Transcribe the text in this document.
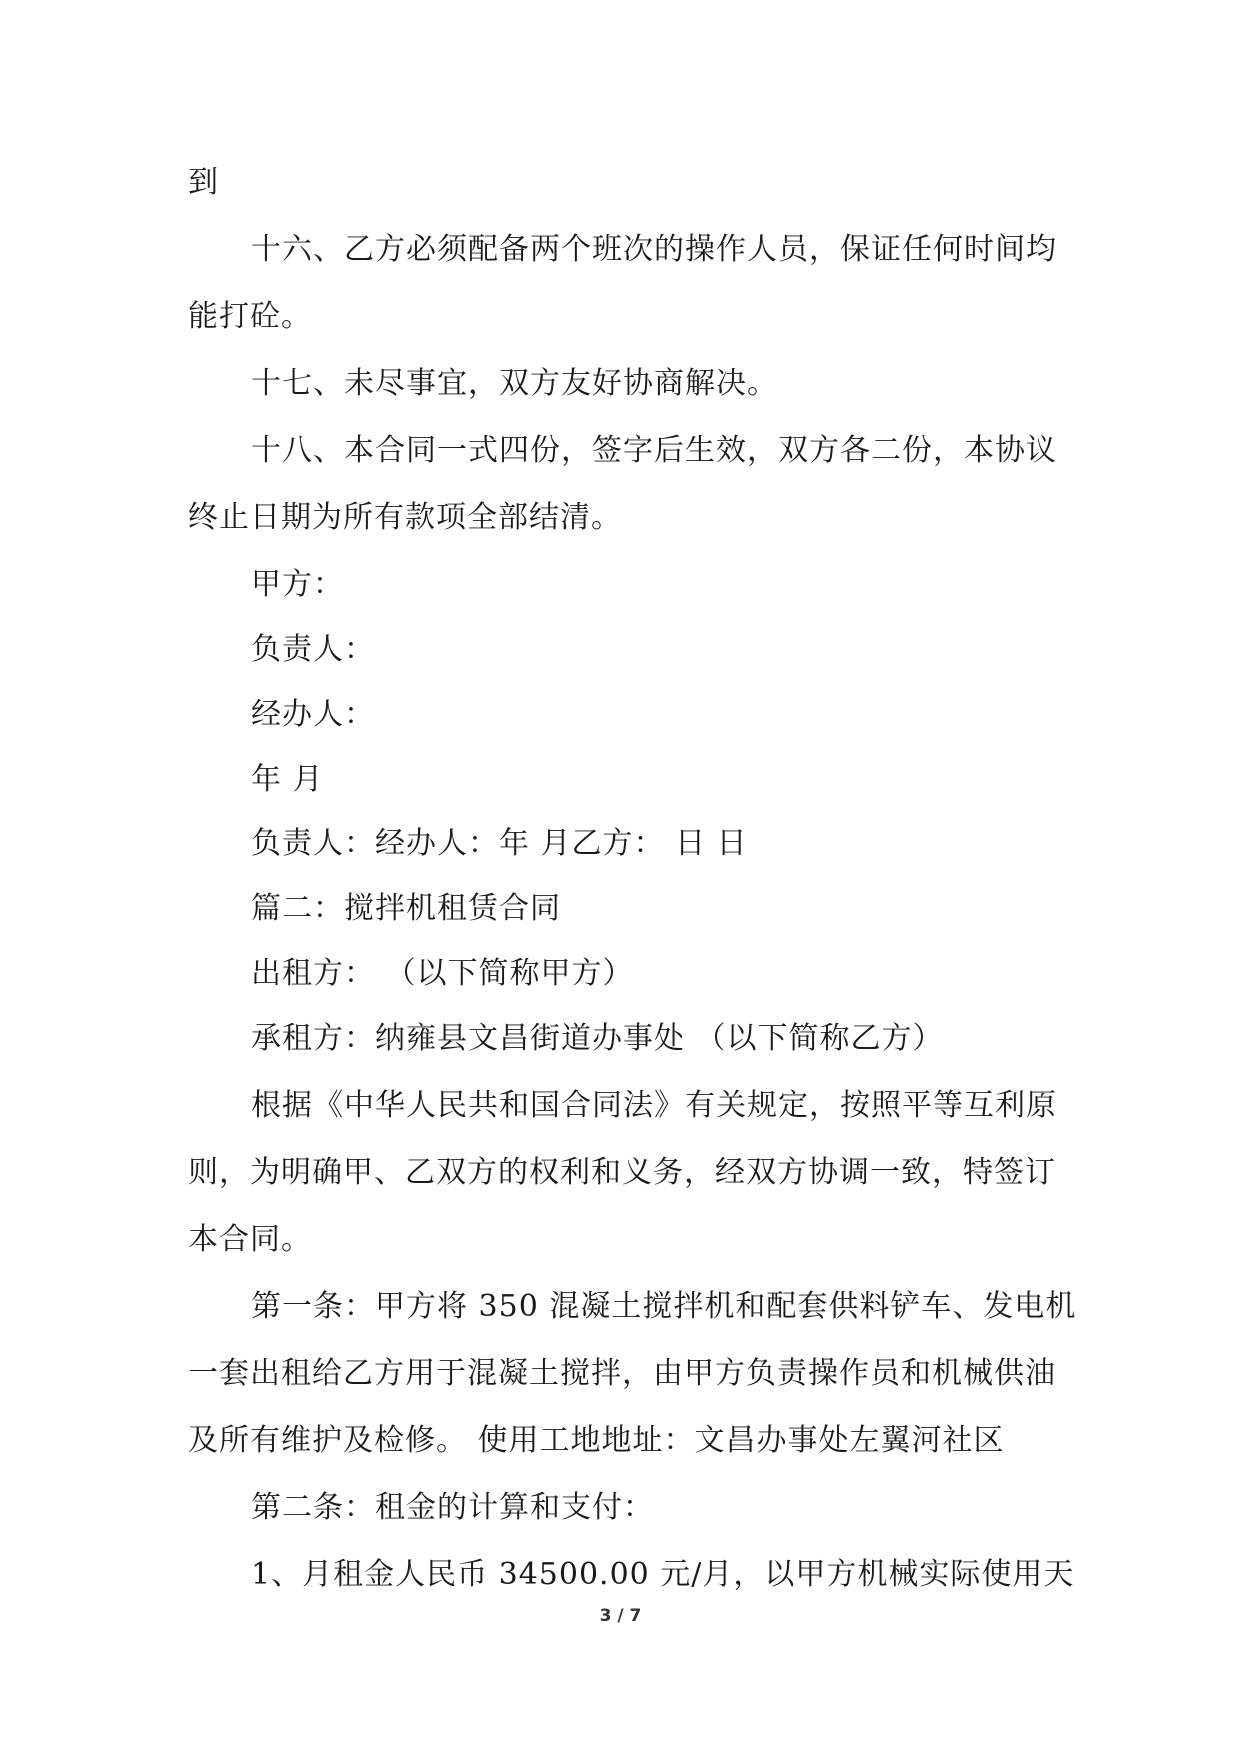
到
十六、乙方必须配备两个班次的操作人员，保证任何时间均
能打砼。
十七、未尽事宜，双方友好协商解决。
十八、本合同一式四份，签字后生效，双方各二份，本协议
终止日期为所有款项全部结清。
甲方：
负责人：
经办人：
年 月
负责人：经办人：年 月乙方： 日 日
篇二：搅拌机租赁合同
出租方： （以下简称甲方）
承租方：纳雍县文昌街道办事处 （以下简称乙方）
根据《中华人民共和国合同法》有关规定，按照平等互利原
则，为明确甲、乙双方的权利和义务，经双方协调一致，特签订
本合同。
第一条：甲方将 350 混凝土搅拌机和配套供料铲车、发电机
一套出租给乙方用于混凝土搅拌，由甲方负责操作员和机械供油
及所有维护及检修。 使用工地地址：文昌办事处左翼河社区
第二条：租金的计算和支付：
1、月租金人民币 34500.00 元/月，以甲方机械实际使用天
3 / 7
